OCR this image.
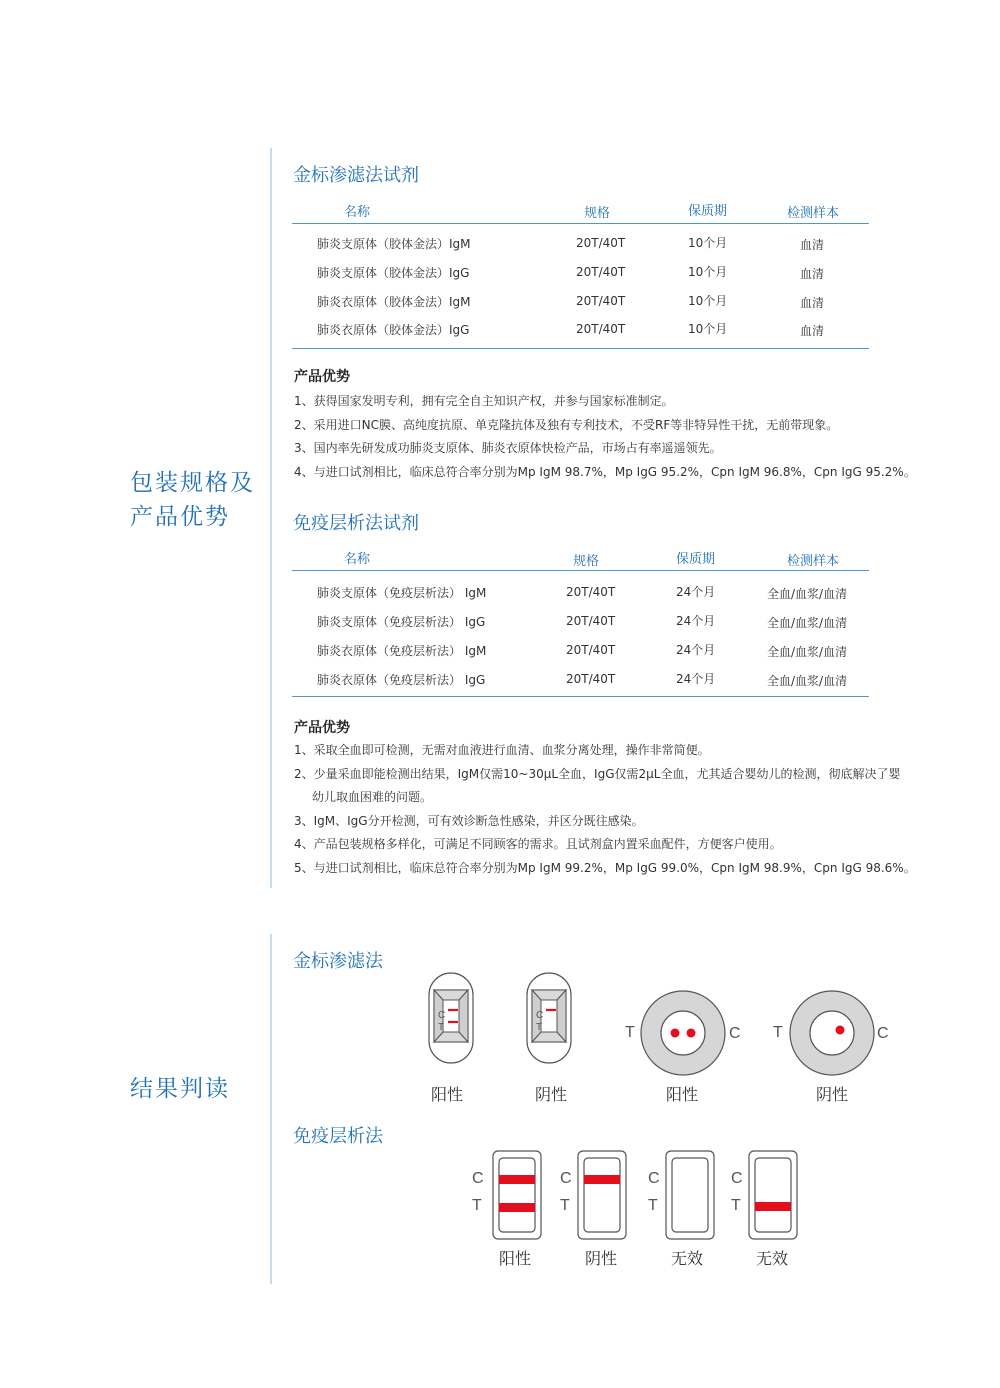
包装规格及
产品优势
金标渗滤法试剂
名称	规格	保质期	检测样本
肺炎支原体（胶体金法）IgM	20T/40T	10个月	血清
肺炎支原体（胶体金法）IgG	20T/40T	10个月	血清
肺炎衣原体（胶体金法）IgM	20T/40T	10个月	血清
肺炎衣原体（胶体金法）IgG	20T/40T	10个月	血清
产品优势
1、获得国家发明专利，拥有完全自主知识产权，并参与国家标准制定。
2、采用进口NC膜、高纯度抗原、单克隆抗体及独有专利技术，不受RF等非特异性干扰，无前带现象。
3、国内率先研发成功肺炎支原体、肺炎衣原体快检产品，市场占有率遥遥领先。
4、与进口试剂相比，临床总符合率分别为Mp IgM 98.7%，Mp IgG 95.2%，Cpn IgM 96.8%，Cpn IgG 95.2%。
免疫层析法试剂
名称	规格	保质期	检测样本
肺炎支原体（免疫层析法） IgM	20T/40T	24个月	全血/血浆/血清
肺炎支原体（免疫层析法） IgG	20T/40T	24个月	全血/血浆/血清
肺炎衣原体（免疫层析法） IgM	20T/40T	24个月	全血/血浆/血清
肺炎衣原体（免疫层析法） IgG	20T/40T	24个月	全血/血浆/血清
产品优势
1、采取全血即可检测，无需对血液进行血清、血浆分离处理，操作非常简便。
2、少量采血即能检测出结果，IgM仅需10~30μL全血，IgG仅需2μL全血，尤其适合婴幼儿的检测，彻底解决了婴幼儿取血困难的问题。
3、IgM、IgG分开检测，可有效诊断急性感染，并区分既往感染。
4、产品包装规格多样化，可满足不同顾客的需求。且试剂盒内置采血配件，方便客户使用。
5、与进口试剂相比，临床总符合率分别为Mp IgM 99.2%，Mp IgG 99.0%，Cpn IgM 98.9%，Cpn IgG 98.6%。
结果判读
金标渗滤法
C
T
C
T	T	C T	C
阳性	阴性	阳性	阴性
免疫层析法
C
T
C
T
C
T
C
T
阳性	阴性	无效	无效
